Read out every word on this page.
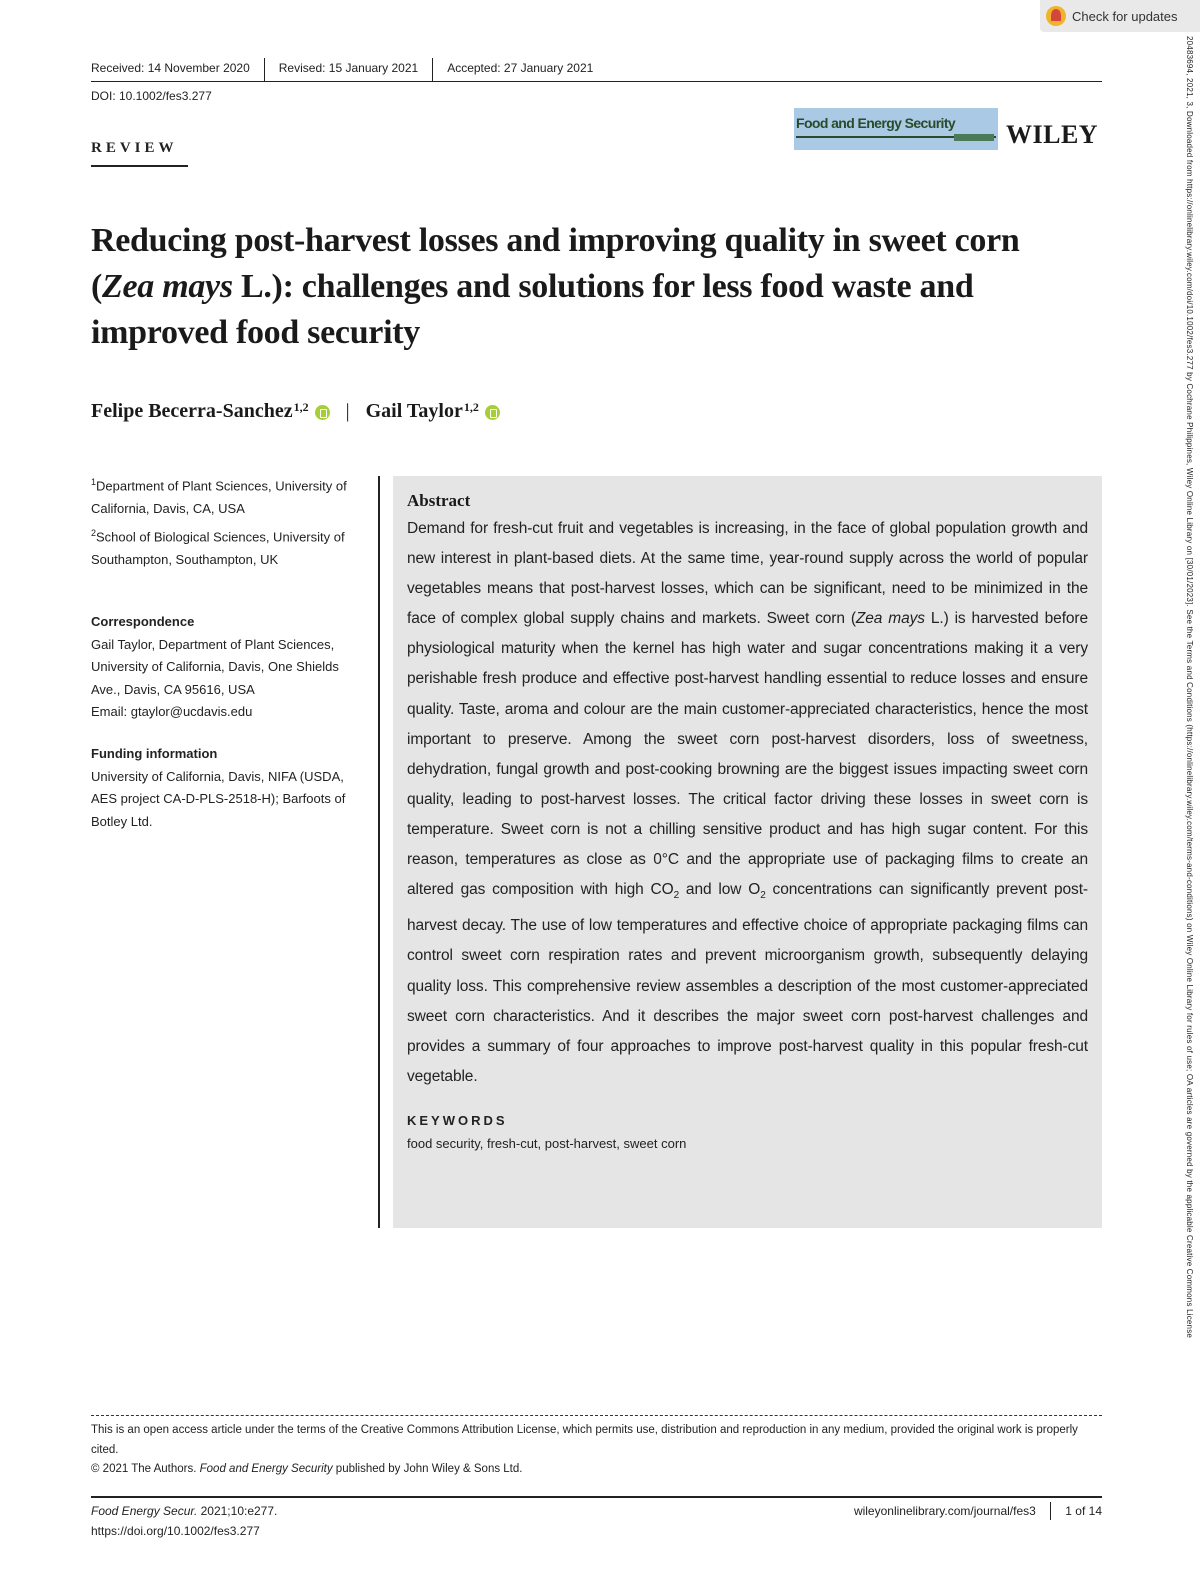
Check for updates
20483694, 2021, 3, Downloaded from https://onlinelibrary.wiley.com/doi/10.1002/fes3.277 by Cochrane Philippines, Wiley Online Library on [30/01/2023]. See the Terms and Conditions (https://onlinelibrary.wiley.com/terms-and-conditions) on Wiley Online Library for rules of use; OA articles are governed by the applicable Creative Commons License
Received: 14 November 2020	Revised: 15 January 2021	Accepted: 27 January 2021
DOI: 10.1002/fes3.277
REVIEW
Food and Energy Security WILEY
Reducing post-harvest losses and improving quality in sweet corn
(Zea mays L.): challenges and solutions for less food waste and
improved food security
Felipe Becerra-Sanchez$^{1,2}$ | Gail Taylor$^{1,2}$
$^1$Department of Plant Sciences, University of California, Davis, CA, USA
$^2$School of Biological Sciences, University of Southampton, Southampton, UK
Correspondence
Gail Taylor, Department of Plant Sciences, University of California, Davis, One Shields Ave., Davis, CA 95616, USA
Email: gtaylor@ucdavis.edu
Funding information
University of California, Davis, NIFA (USDA, AES project CA-D-PLS-2518-H); Barfoots of Botley Ltd.
Abstract

Demand for fresh-cut fruit and vegetables is increasing, in the face of global population growth and new interest in plant-based diets. At the same time, year-round supply across the world of popular vegetables means that post-harvest losses, which can be significant, need to be minimized in the face of complex global supply chains and markets. Sweet corn (Zea mays L.) is harvested before physiological maturity when the kernel has high water and sugar concentrations making it a very perishable fresh produce and effective post-harvest handling essential to reduce losses and ensure quality. Taste, aroma and colour are the main customer-appreciated characteristics, hence the most important to preserve. Among the sweet corn post-harvest disorders, loss of sweetness, dehydration, fungal growth and post-cooking browning are the biggest issues impacting sweet corn quality, leading to post-harvest losses. The critical factor driving these losses in sweet corn is temperature. Sweet corn is not a chilling sensitive product and has high sugar content. For this reason, temperatures as close as 0°C and the appropriate use of packaging films to create an altered gas composition with high $CO_2$ and low $O_2$ concentrations can significantly prevent post-harvest decay. The use of low temperatures and effective choice of appropriate packaging films can control sweet corn respiration rates and prevent microorganism growth, subsequently delaying quality loss. This comprehensive review assembles a description of the most customer-appreciated sweet corn characteristics. And it describes the major sweet corn post-harvest challenges and provides a summary of four approaches to improve post-harvest quality in this popular fresh-cut vegetable.

KEYWORDS
food security, fresh-cut, post-harvest, sweet corn
This is an open access article under the terms of the Creative Commons Attribution License, which permits use, distribution and reproduction in any medium, provided the original work is properly cited.
© 2021 The Authors. Food and Energy Security published by John Wiley & Sons Ltd.
Food Energy Secur. 2021;10:e277.
https://doi.org/10.1002/fes3.277
wileyonlinelibrary.com/journal/fes3 1 of 14
